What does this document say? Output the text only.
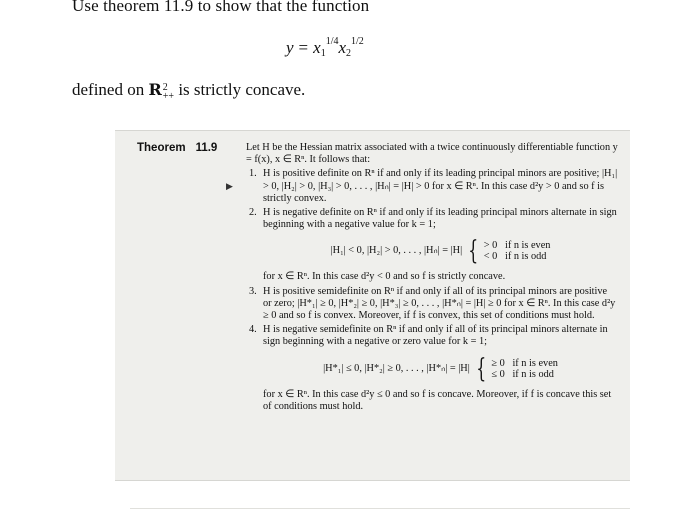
Use theorem 11.9 to show that the function
$y = x_1^{1/4}x_2^{1/2}$
defined on R2
++ is strictly concave.
Theorem 11.9
▶

Let H be the Hessian matrix associated with a twice continuously differentiable function y = f(x), x ∈ Rⁿ. It follows that:

1. H is positive definite on Rⁿ if and only if its leading principal minors are positive; |H₁| > 0, |H₂| > 0, |H₃| > 0, . . . , |Hₙ| = |H| > 0 for x ∈ Rⁿ. In this case d²y > 0 and so f is strictly convex.

2. H is negative definite on Rⁿ if and only if its leading principal minors alternate in sign beginning with a negative value for k = 1;

|H₁| < 0, |H₂| > 0, . . . , |Hₙ| = |H| { > 0   if n is even
< 0   if n is odd

for x ∈ Rⁿ. In this case d²y < 0 and so f is strictly concave.

3. H is positive semidefinite on Rⁿ if and only if all of its principal minors are positive or zero; |H*₁| ≥ 0, |H*₂| ≥ 0, |H*₃| ≥ 0, . . . , |H*ₙ| = |H| ≥ 0 for x ∈ Rⁿ. In this case d²y ≥ 0 and so f is convex. Moreover, if f is convex, this set of conditions must hold.

4. H is negative semidefinite on Rⁿ if and only if all of its principal minors alternate in sign beginning with a negative or zero value for k = 1;

|H*₁| ≤ 0, |H*₂| ≥ 0, . . . , |H*ₙ| = |H| { ≥ 0   if n is even
≤ 0   if n is odd

for x ∈ Rⁿ. In this case d²y ≤ 0 and so f is concave. Moreover, if f is concave this set of conditions must hold.
